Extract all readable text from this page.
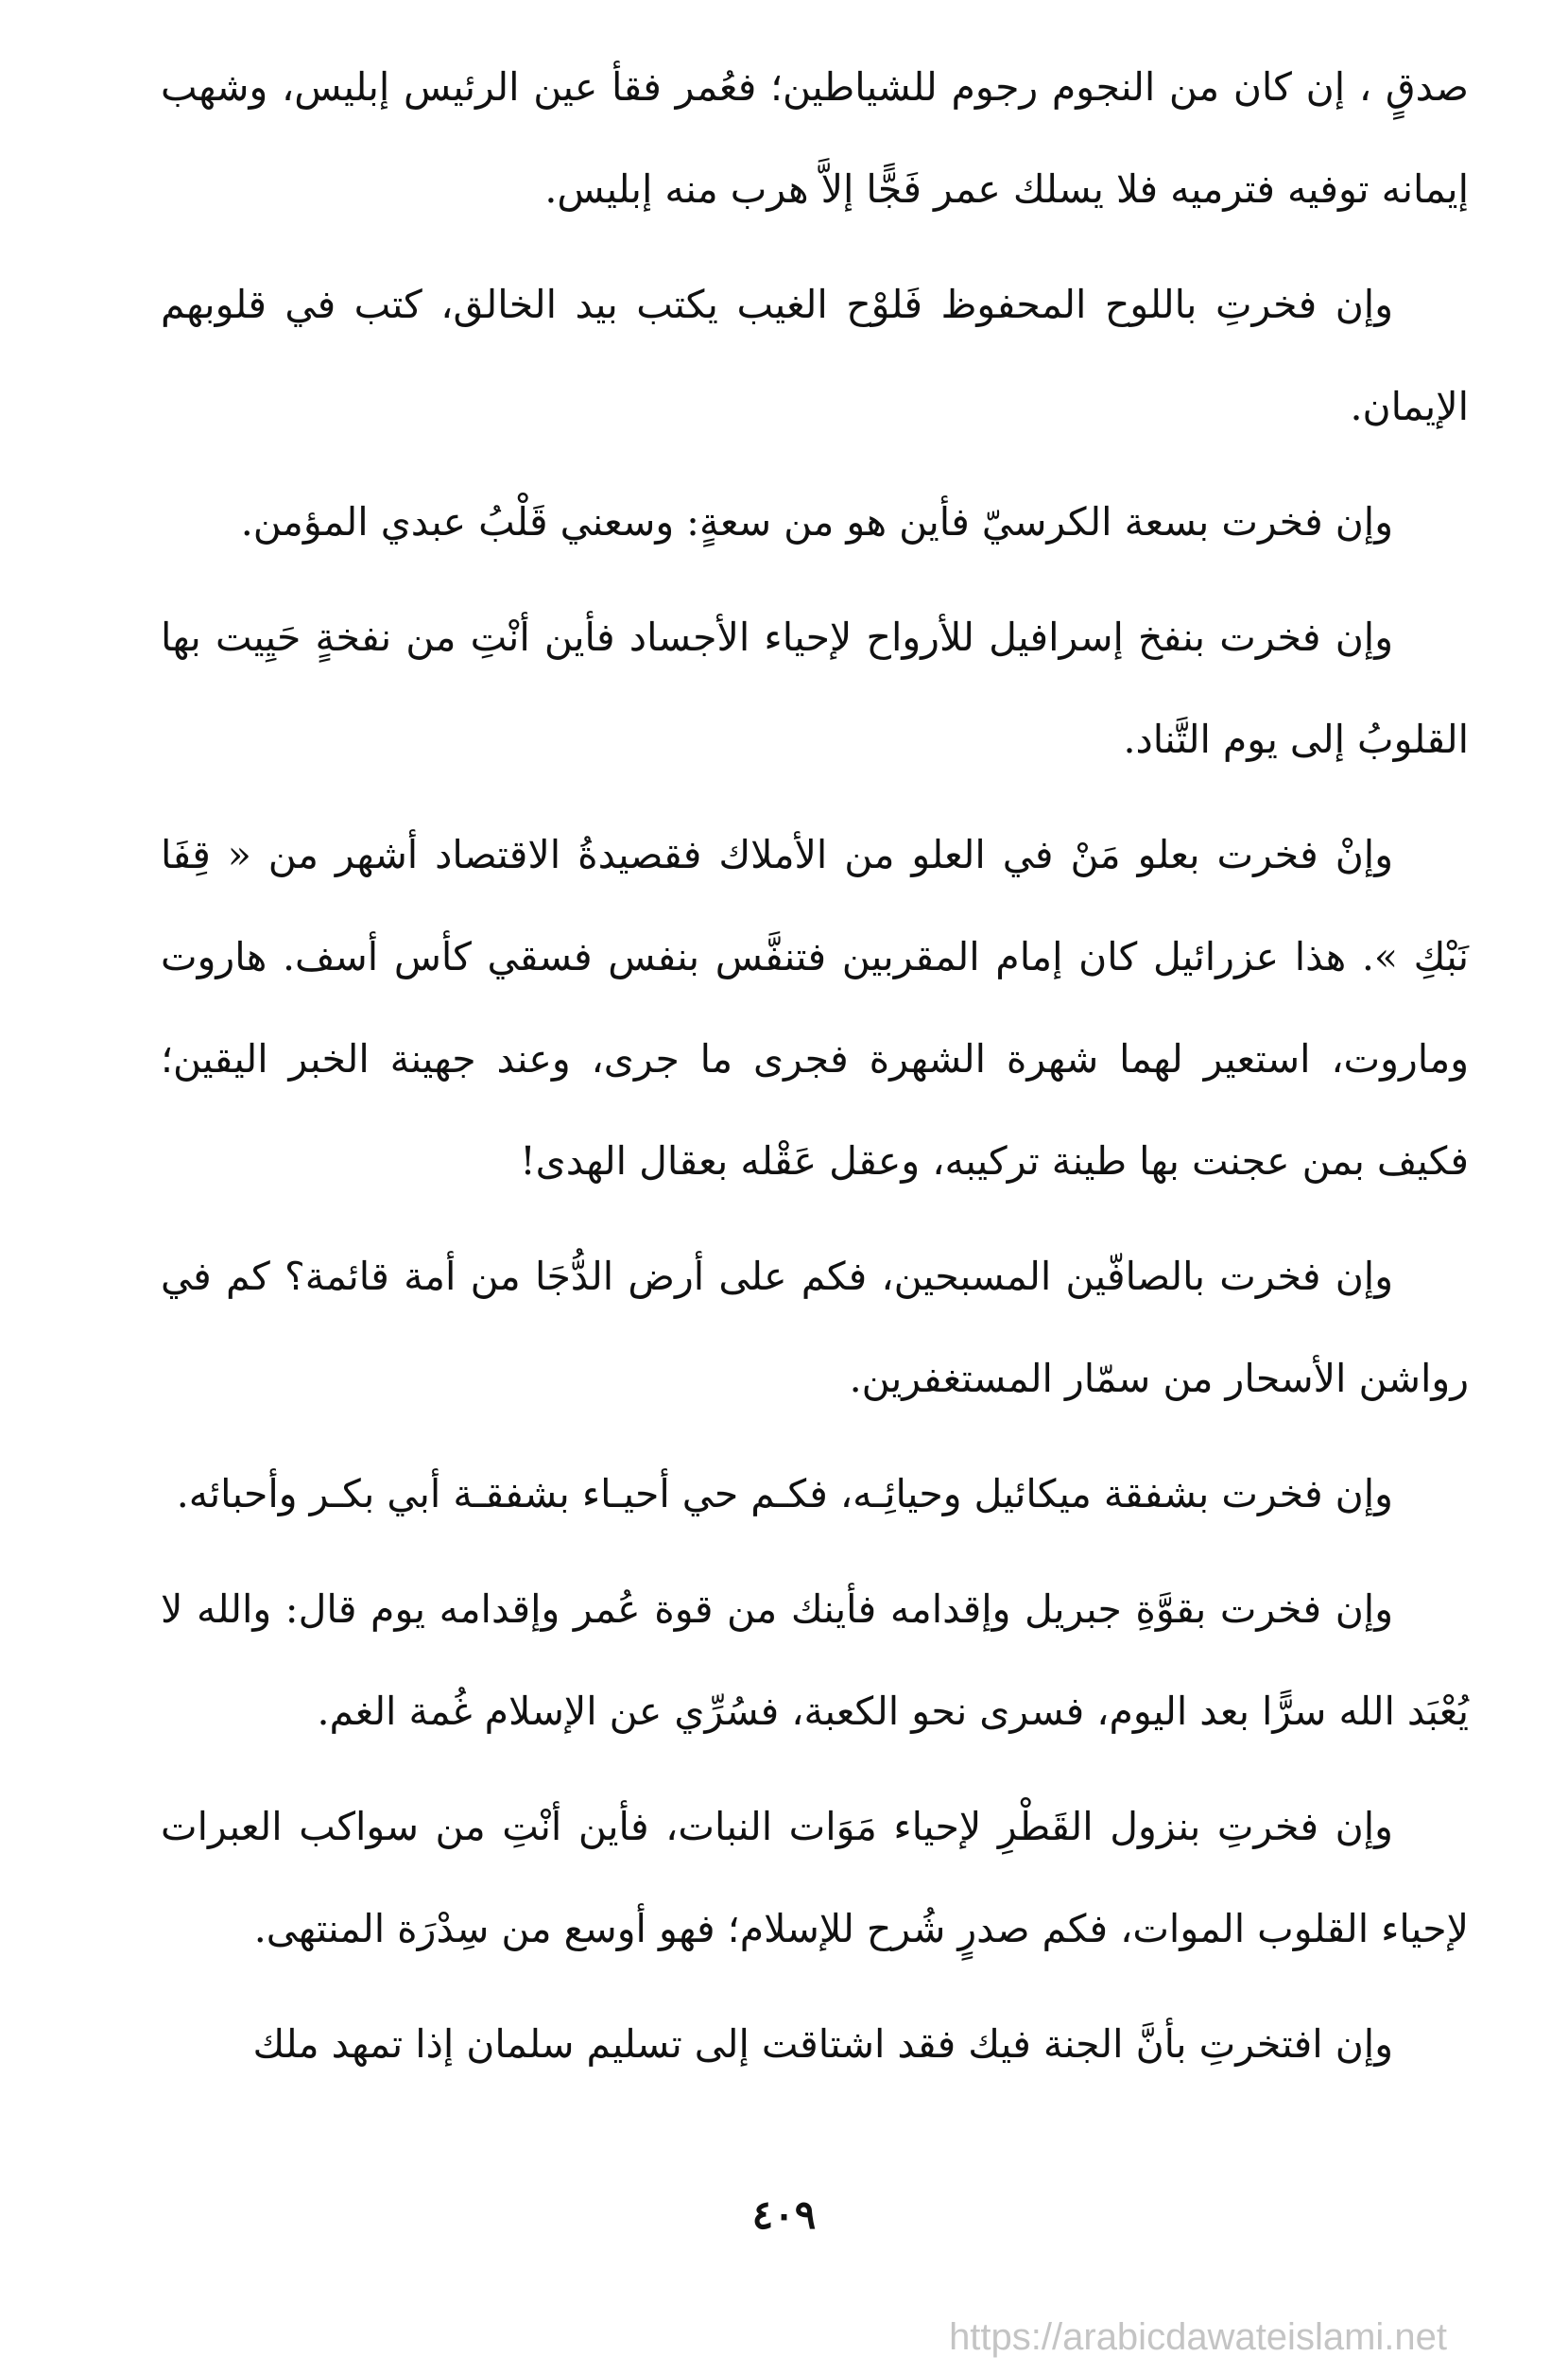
صدقٍ ، إن كان من النجوم رجوم للشياطين؛ فعُمر فقأ عين الرئيس إبليس، وشهب إيمانه توفيه فترميه فلا يسلك عمر فَجًّا إلاَّ هرب منه إبليس.

وإن فخرتِ باللوح المحفوظ فَلوْح الغيب يكتب بيد الخالق، كتب في قلوبهم الإيمان.

وإن فخرت بسعة الكرسيّ فأين هو من سعةٍ: وسعني قَلْبُ عبدي المؤمن.

وإن فخرت بنفخ إسرافيل للأرواح لإحياء الأجساد فأين أنْتِ من نفخةٍ حَيِيت بها القلوبُ إلى يوم التَّناد.

وإنْ فخرت بعلو مَنْ في العلو من الأملاك فقصيدةُ الاقتصاد أشهر من « قِفَا نَبْكِ ». هذا عزرائيل كان إمام المقربين فتنفَّس بنفس فسقي كأس أسف. هاروت وماروت، استعير لهما شهرة الشهرة فجرى ما جرى، وعند جهينة الخبر اليقين؛ فكيف بمن عجنت بها طينة تركيبه، وعقل عَقْله بعقال الهدى!

وإن فخرت بالصافّين المسبحين، فكم على أرض الدُّجَا من أمة قائمة؟ كم في رواشن الأسحار من سمّار المستغفرين.

وإن فخرت بشفقة ميكائيل وحيائِـه، فكـم حي أحيـاء بشفقـة أبي بكـر وأحبائه.

وإن فخرت بقوَّةِ جبريل وإقدامه فأينك من قوة عُمر وإقدامه يوم قال: والله لا يُعْبَد الله سرًّا بعد اليوم، فسرى نحو الكعبة، فسُرِّي عن الإسلام غُمة الغم.

وإن فخرتِ بنزول القَطْرِ لإحياء مَوَات النبات، فأين أنْتِ من سواكب العبرات لإحياء القلوب الموات، فكم صدرٍ شُرح للإسلام؛ فهو أوسع من سِدْرَة المنتهى.

وإن افتخرتِ بأنَّ الجنة فيك فقد اشتاقت إلى تسليم سلمان إذا تمهد ملك

٤٠٩
https://arabicdawateislami.net
